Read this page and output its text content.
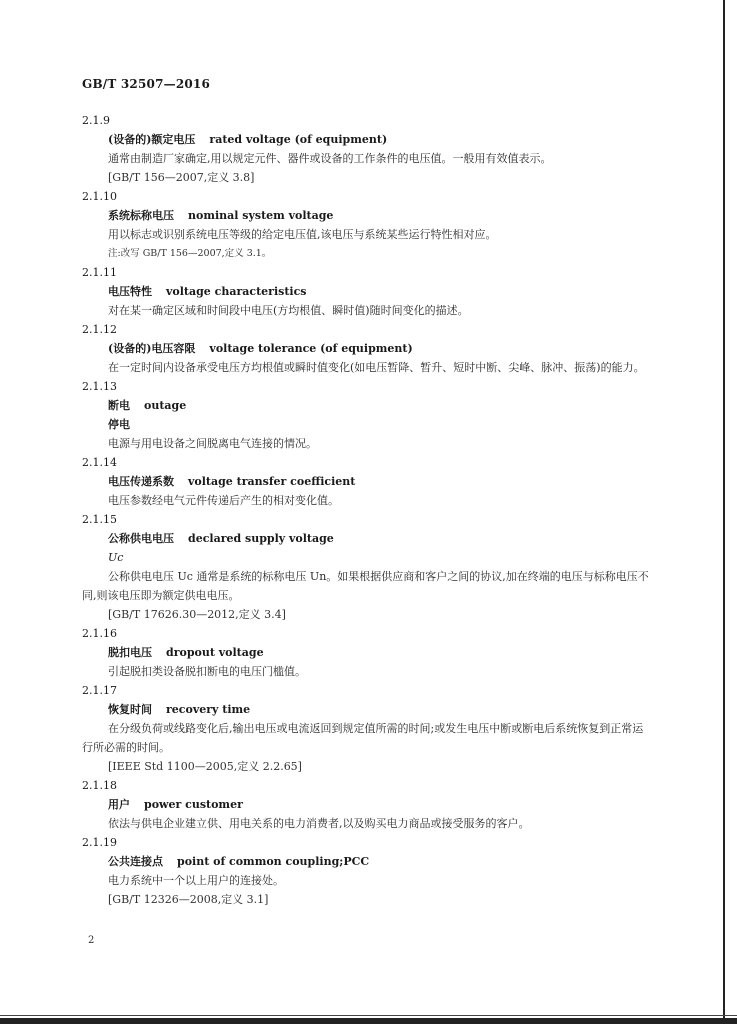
GB/T 32507—2016
2.1.9
(设备的)额定电压 rated voltage (of equipment)
通常由制造厂家确定,用以规定元件、器件或设备的工作条件的电压值。一般用有效值表示。
[GB/T 156—2007,定义 3.8]
2.1.10
系统标称电压 nominal system voltage
用以标志或识别系统电压等级的给定电压值,该电压与系统某些运行特性相对应。
注:改写 GB/T 156—2007,定义 3.1。
2.1.11
电压特性 voltage characteristics
对在某一确定区域和时间段中电压(方均根值、瞬时值)随时间变化的描述。
2.1.12
(设备的)电压容限 voltage tolerance (of equipment)
在一定时间内设备承受电压方均根值或瞬时值变化(如电压暂降、暂升、短时中断、尖峰、脉冲、振荡)的能力。
2.1.13
断电 outage
停电
电源与用电设备之间脱离电气连接的情况。
2.1.14
电压传递系数 voltage transfer coefficient
电压参数经电气元件传递后产生的相对变化值。
2.1.15
公称供电电压 declared supply voltage
Uc
公称供电电压 Uc 通常是系统的标称电压 Un。如果根据供应商和客户之间的协议,加在终端的电压与标称电压不同,则该电压即为额定供电电压。
[GB/T 17626.30—2012,定义 3.4]
2.1.16
脱扣电压 dropout voltage
引起脱扣类设备脱扣断电的电压门槛值。
2.1.17
恢复时间 recovery time
在分级负荷或线路变化后,输出电压或电流返回到规定值所需的时间;或发生电压中断或断电后系统恢复到正常运行所必需的时间。
[IEEE Std 1100—2005,定义 2.2.65]
2.1.18
用户 power customer
依法与供电企业建立供、用电关系的电力消费者,以及购买电力商品或接受服务的客户。
2.1.19
公共连接点 point of common coupling;PCC
电力系统中一个以上用户的连接处。
[GB/T 12326—2008,定义 3.1]
2
